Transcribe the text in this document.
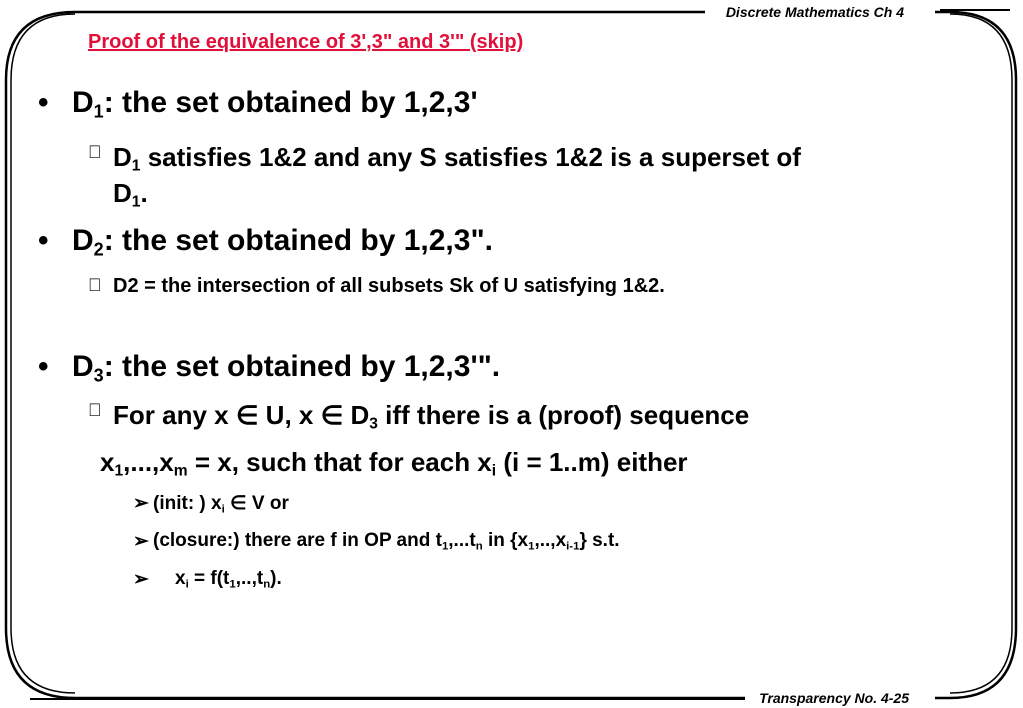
Discrete Mathematics Ch 4
Transparency No. 4-25
Proof of the equivalence of 3',3" and 3'" (skip)
• $D_1$: the set obtained by 1,2,3'
$D_1$ satisfies 1&2 and any S satisfies 1&2 is a superset of
$D_1$.
• $D_2$: the set obtained by 1,2,3".
D2 = the intersection of all subsets Sk of U satisfying 1&2.
• $D_3$: the set obtained by 1,2,3'".
For any x ∈ U, x ∈ $D_3$ iff there is a (proof) sequence
$x_1,...,x_m = x$, such that for each $x_i$ (i = 1..m) either
➢ (init: ) $x_i$ ∈ V or
➢ (closure:) there are f in OP and $t_1,...t_n$ in $\{x_1,..,x_{i-1}\}$ s.t.
➢ $x_i = f(t_1,..,t_n)$.
